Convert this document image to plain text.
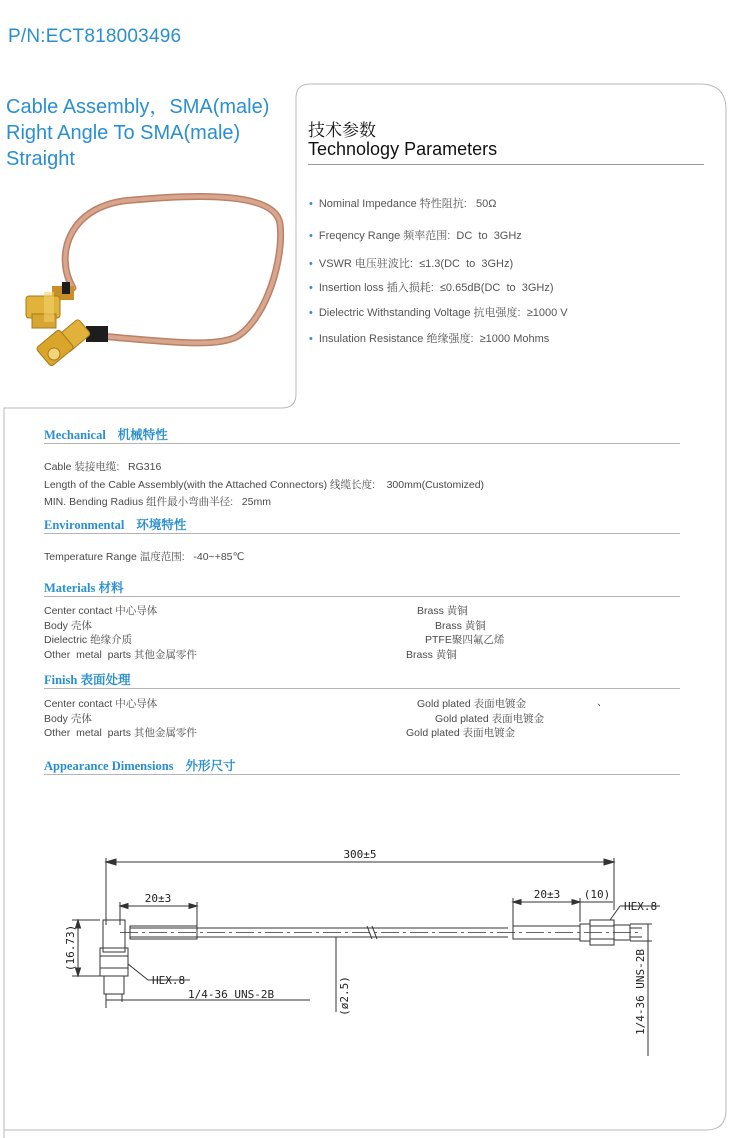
P/N:ECT818003496
Cable Assembly，SMA(male)
Right Angle To SMA(male)
Straight
技术参数
Technology Parameters
• Nominal Impedance 特性阻抗:   50Ω
• Freqency Range 频率范围:  DC  to  3GHz
• VSWR 电压驻波比:  ≤1.3(DC  to  3GHz)
• Insertion loss 插入损耗:  ≤0.65dB(DC  to  3GHz)
• Dielectric Withstanding Voltage 抗电强度:  ≥1000 V
• Insulation Resistance 绝缘强度:  ≥1000 Mohms
Mechanical 机械特性
Cable 装接电缆:   RG316
Length of the Cable Assembly(with the Attached Connectors) 线缆长度:    300mm(Customized)
MIN. Bending Radius 组件最小弯曲半径:   25mm
Environmental 环境特性
Temperature Range 温度范围:   -40~+85℃
Materials 材料
Center contact 中心导体	Brass 黄铜
Body 壳体	Brass 黄铜
Dielectric 绝缘介质	PTFE聚四氟乙烯
Other  metal  parts 其他金属零件	Brass 黄铜
Finish 表面处理
Center contact 中心导体	Gold plated 表面电镀金	、
Body 壳体	Gold plated 表面电镀金
Other  metal  parts 其他金属零件	Gold plated 表面电镀金
Appearance Dimensions 外形尺寸
300±5
20±3	20±3 (10)
HEX.8
HEX.8
1/4-36 UNS-2B
(16.73)
(ø2.5)	1/4-36 UNS-2B
